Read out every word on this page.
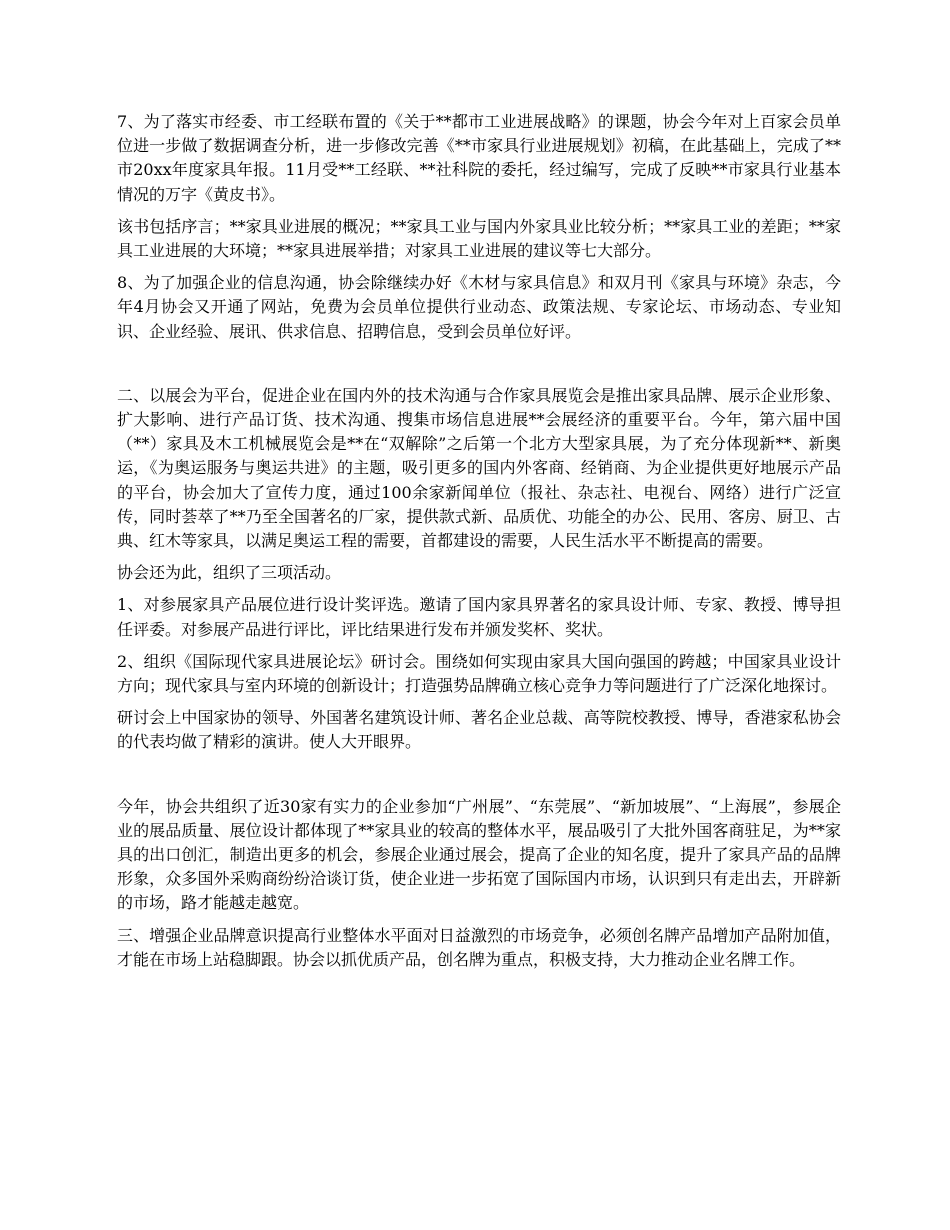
7、为了落实市经委、市工经联布置的《关于**都市工业进展战略》的课题，协会今年对上百家会员单位进一步做了数据调查分析，进一步修改完善《**市家具行业进展规划》初稿，在此基础上，完成了**市20xx年度家具年报。11月受**工经联、**社科院的委托，经过编写，完成了反映**市家具行业基本情况的万字《黄皮书》。

该书包括序言；**家具业进展的概况；**家具工业与国内外家具业比较分析；**家具工业的差距；**家具工业进展的大环境；**家具进展举措；对家具工业进展的建议等七大部分。

8、为了加强企业的信息沟通，协会除继续办好《木材与家具信息》和双月刊《家具与环境》杂志，今年4月协会又开通了网站，免费为会员单位提供行业动态、政策法规、专家论坛、市场动态、专业知识、企业经验、展讯、供求信息、招聘信息，受到会员单位好评。

二、以展会为平台，促进企业在国内外的技术沟通与合作家具展览会是推出家具品牌、展示企业形象、扩大影响、进行产品订货、技术沟通、搜集市场信息进展**会展经济的重要平台。今年，第六届中国（**）家具及木工机械展览会是**在“双解除”之后第一个北方大型家具展，为了充分体现新**、新奥运，《为奥运服务与奥运共进》的主题，吸引更多的国内外客商、经销商、为企业提供更好地展示产品的平台，协会加大了宣传力度，通过100余家新闻单位（报社、杂志社、电视台、网络）进行广泛宣传，同时荟萃了**乃至全国著名的厂家，提供款式新、品质优、功能全的办公、民用、客房、厨卫、古典、红木等家具，以满足奥运工程的需要，首都建设的需要，人民生活水平不断提高的需要。

协会还为此，组织了三项活动。

1、对参展家具产品展位进行设计奖评选。邀请了国内家具界著名的家具设计师、专家、教授、博导担任评委。对参展产品进行评比，评比结果进行发布并颁发奖杯、奖状。

2、组织《国际现代家具进展论坛》研讨会。围绕如何实现由家具大国向强国的跨越；中国家具业设计方向；现代家具与室内环境的创新设计；打造强势品牌确立核心竞争力等问题进行了广泛深化地探讨。

研讨会上中国家协的领导、外国著名建筑设计师、著名企业总裁、高等院校教授、博导，香港家私协会的代表均做了精彩的演讲。使人大开眼界。

今年，协会共组织了近30家有实力的企业参加“广州展”、“东莞展”、“新加坡展”、“上海展”，参展企业的展品质量、展位设计都体现了**家具业的较高的整体水平，展品吸引了大批外国客商驻足，为**家具的出口创汇，制造出更多的机会，参展企业通过展会，提高了企业的知名度，提升了家具产品的品牌形象，众多国外采购商纷纷洽谈订货，使企业进一步拓宽了国际国内市场，认识到只有走出去，开辟新的市场，路才能越走越宽。

三、增强企业品牌意识提高行业整体水平面对日益激烈的市场竞争，必须创名牌产品增加产品附加值，才能在市场上站稳脚跟。协会以抓优质产品，创名牌为重点，积极支持，大力推动企业名牌工作。
